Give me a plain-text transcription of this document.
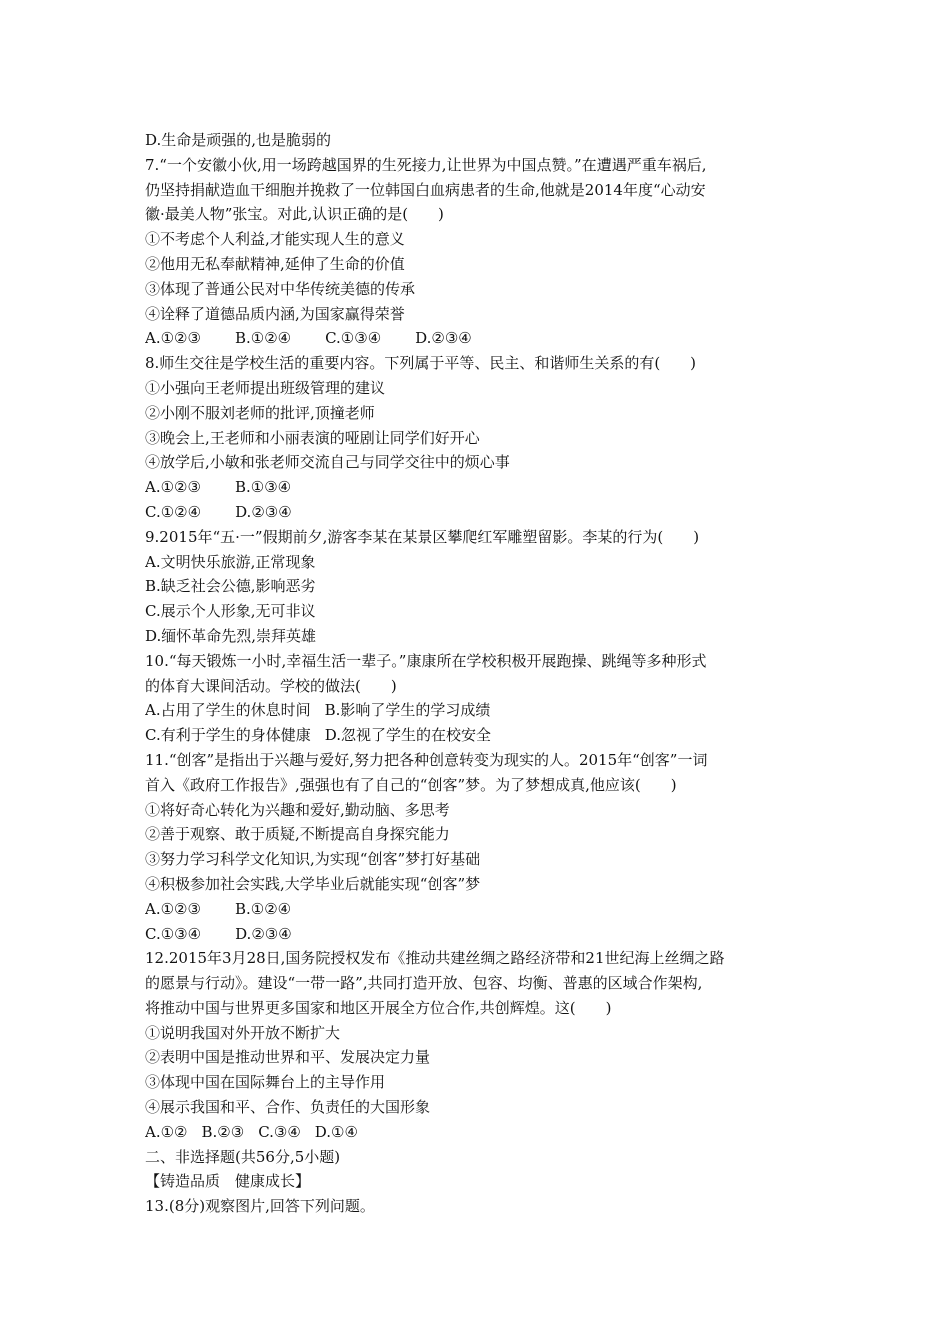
D.生命是顽强的,也是脆弱的
7.“一个安徽小伙,用一场跨越国界的生死接力,让世界为中国点赞。”在遭遇严重车祸后,
仍坚持捐献造血干细胞并挽救了一位韩国白血病患者的生命,他就是2014年度“心动安
徽·最美人物”张宝。对此,认识正确的是(　　)
①不考虑个人利益,才能实现人生的意义
②他用无私奉献精神,延伸了生命的价值
③体现了普通公民对中华传统美德的传承
④诠释了道德品质内涵,为国家赢得荣誉
A.①②③ B.①②④ C.①③④ D.②③④
8.师生交往是学校生活的重要内容。下列属于平等、民主、和谐师生关系的有(　　)
①小强向王老师提出班级管理的建议
②小刚不服刘老师的批评,顶撞老师
③晚会上,王老师和小丽表演的哑剧让同学们好开心
④放学后,小敏和张老师交流自己与同学交往中的烦心事
A.①②③ B.①③④
C.①②④ D.②③④
9.2015年“五·一”假期前夕,游客李某在某景区攀爬红军雕塑留影。李某的行为(　　)
A.文明快乐旅游,正常现象
B.缺乏社会公德,影响恶劣
C.展示个人形象,无可非议
D.缅怀革命先烈,崇拜英雄
10.“每天锻炼一小时,幸福生活一辈子。”康康所在学校积极开展跑操、跳绳等多种形式
的体育大课间活动。学校的做法(　　)
A.占用了学生的休息时间 B.影响了学生的学习成绩
C.有利于学生的身体健康 D.忽视了学生的在校安全
11.“创客”是指出于兴趣与爱好,努力把各种创意转变为现实的人。2015年“创客”一词
首入《政府工作报告》,强强也有了自己的“创客”梦。为了梦想成真,他应该(　　)
①将好奇心转化为兴趣和爱好,勤动脑、多思考
②善于观察、敢于质疑,不断提高自身探究能力
③努力学习科学文化知识,为实现“创客”梦打好基础
④积极参加社会实践,大学毕业后就能实现“创客”梦
A.①②③ B.①②④
C.①③④ D.②③④
12.2015年3月28日,国务院授权发布《推动共建丝绸之路经济带和21世纪海上丝绸之路
的愿景与行动》。建设“一带一路”,共同打造开放、包容、均衡、普惠的区域合作架构,
将推动中国与世界更多国家和地区开展全方位合作,共创辉煌。这(　　)
①说明我国对外开放不断扩大
②表明中国是推动世界和平、发展决定力量
③体现中国在国际舞台上的主导作用
④展示我国和平、合作、负责任的大国形象
A.①② B.②③ C.③④ D.①④
二、非选择题(共56分,5小题)
【铸造品质　健康成长】
13.(8分)观察图片,回答下列问题。
